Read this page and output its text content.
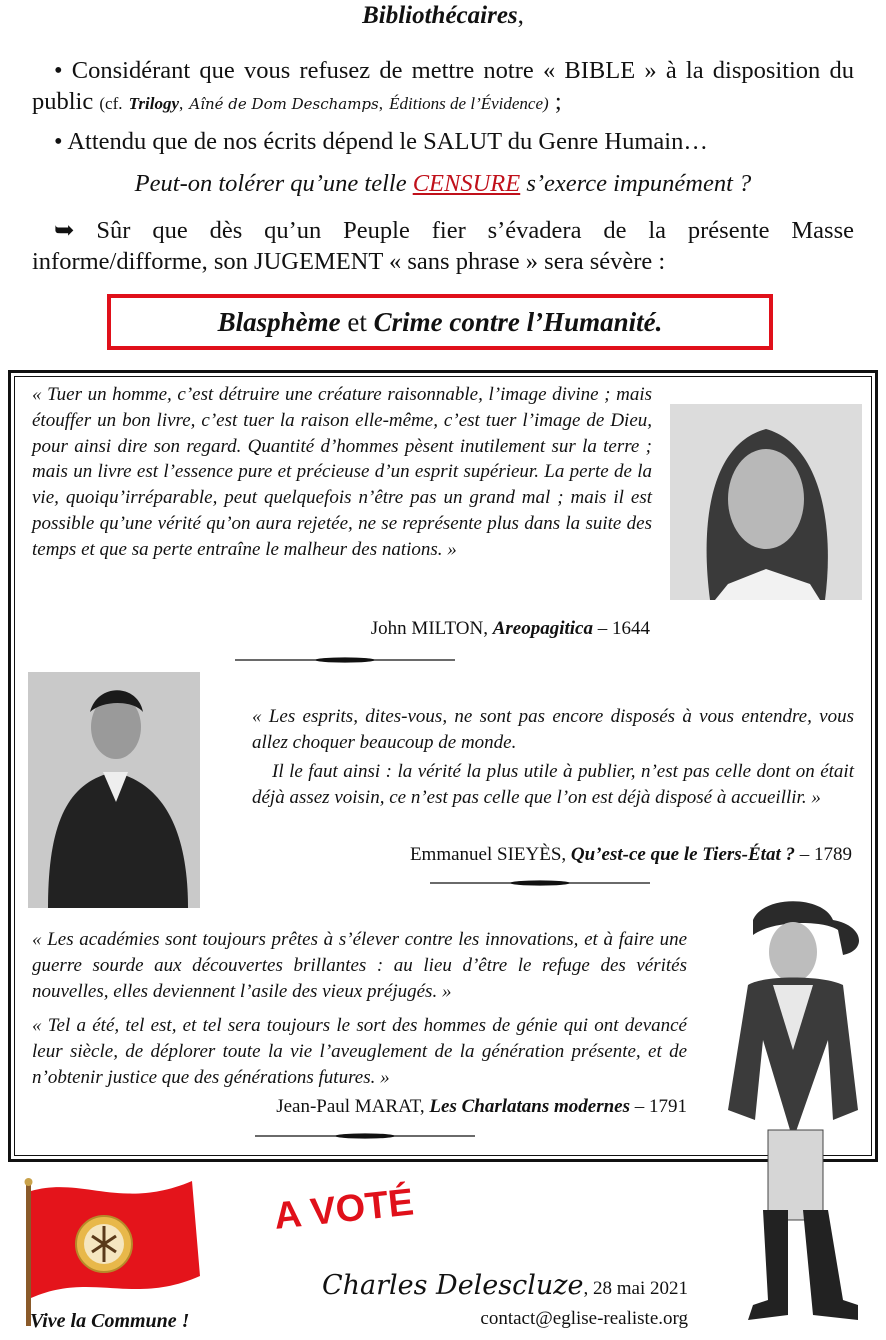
Bibliothécaires,
• Considérant que vous refusez de mettre notre « BIBLE » à la disposition du public (cf. Trilogy, Aîné de Dom Deschamps, Éditions de l’Évidence) ;
• Attendu que de nos écrits dépend le SALUT du Genre Humain…
Peut-on tolérer qu’une telle CENSURE s’exerce impunément ?
➥ Sûr que dès qu’un Peuple fier s’évadera de la présente Masse informe/difforme, son JUGEMENT « sans phrase » sera sévère :
Blasphème et Crime contre l’Humanité.
« Tuer un homme, c’est détruire une créature raisonnable, l’image divine ; mais étouffer un bon livre, c’est tuer la raison elle-même, c’est tuer l’image de Dieu, pour ainsi dire son regard. Quantité d’hommes pèsent inutilement sur la terre ; mais un livre est l’essence pure et précieuse d’un esprit supérieur. La perte de la vie, quoiqu’irréparable, peut quelquefois n’être pas un grand mal ; mais il est possible qu’une vérité qu’on aura rejetée, ne se représente plus dans la suite des temps et que sa perte entraîne le malheur des nations. »
John MILTON, Areopagitica – 1644
« Les esprits, dites-vous, ne sont pas encore disposés à vous entendre, vous allez choquer beaucoup de monde.
Il le faut ainsi : la vérité la plus utile à publier, n’est pas celle dont on était déjà assez voisin, ce n’est pas celle que l’on est déjà disposé à accueillir. »
Emmanuel SIEYÈS, Qu’est-ce que le Tiers-État ? – 1789
« Les académies sont toujours prêtes à s’élever contre les innovations, et à faire une guerre sourde aux découvertes brillantes : au lieu d’être le refuge des vérités nouvelles, elles deviennent l’asile des vieux préjugés. »
« Tel a été, tel est, et tel sera toujours le sort des hommes de génie qui ont devancé leur siècle, de déplorer toute la vie l’aveuglement de la génération présente, et de n’obtenir justice que des générations futures. »
Jean-Paul MARAT, Les Charlatans modernes – 1791
Vive la Commune !
A VOTÉ
Charles Delescluze, 28 mai 2021
contact@eglise-realiste.org
